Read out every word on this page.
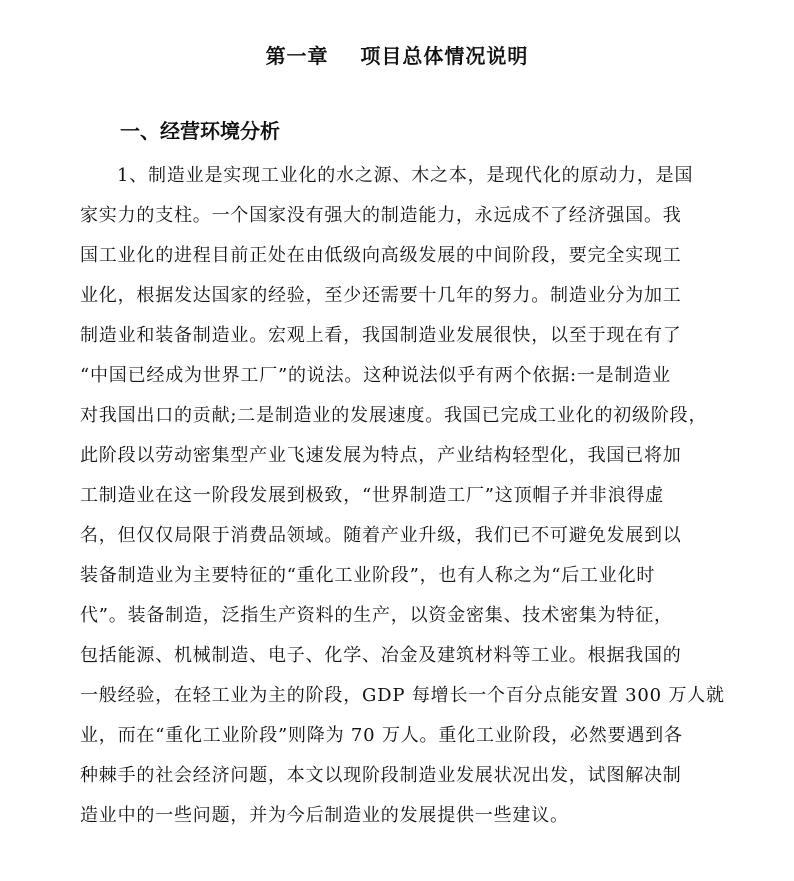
第一章    项目总体情况说明
一、经营环境分析
1、制造业是实现工业化的水之源、木之本，是现代化的原动力，是国
家实力的支柱。一个国家没有强大的制造能力，永远成不了经济强国。我
国工业化的进程目前正处在由低级向高级发展的中间阶段，要完全实现工
业化，根据发达国家的经验，至少还需要十几年的努力。制造业分为加工
制造业和装备制造业。宏观上看，我国制造业发展很快，以至于现在有了
“中国已经成为世界工厂”的说法。这种说法似乎有两个依据:一是制造业
对我国出口的贡献;二是制造业的发展速度。我国已完成工业化的初级阶段，
此阶段以劳动密集型产业飞速发展为特点，产业结构轻型化，我国已将加
工制造业在这一阶段发展到极致，“世界制造工厂”这顶帽子并非浪得虚
名，但仅仅局限于消费品领域。随着产业升级，我们已不可避免发展到以
装备制造业为主要特征的“重化工业阶段”，也有人称之为“后工业化时
代”。装备制造，泛指生产资料的生产，以资金密集、技术密集为特征，
包括能源、机械制造、电子、化学、冶金及建筑材料等工业。根据我国的
一般经验，在轻工业为主的阶段，GDP 每增长一个百分点能安置 300 万人就
业，而在“重化工业阶段”则降为 70 万人。重化工业阶段，必然要遇到各
种棘手的社会经济问题，本文以现阶段制造业发展状况出发，试图解决制
造业中的一些问题，并为今后制造业的发展提供一些建议。
